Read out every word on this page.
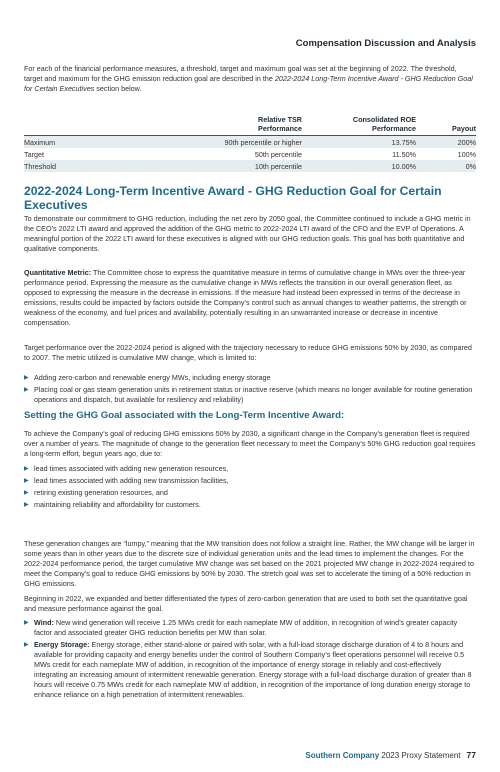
Compensation Discussion and Analysis

For each of the financial performance measures, a threshold, target and maximum goal was set at the beginning of 2022. The threshold, target and maximum for the GHG emission reduction goal are described in the 2022-2024 Long-Term Incentive Award - GHG Reduction Goal for Certain Executives section below.

	Relative TSR Performance	Consolidated ROE Performance	Payout
Maximum	90th percentile or higher	13.75%	200%
Target	50th percentile	11.50%	100%
Threshold	10th percentile	10.00%	0%
2022-2024 Long-Term Incentive Award - GHG Reduction Goal for Certain Executives

To demonstrate our commitment to GHG reduction, including the net zero by 2050 goal, the Committee continued to include a GHG metric in the CEO’s 2022 LTI award and approved the addition of the GHG metric to 2022-2024 LTI award of the CFO and the EVP of Operations. A meaningful portion of the 2022 LTI award for these executives is aligned with our GHG reduction goals. This goal has both quantitative and qualitative components.

Quantitative Metric: The Committee chose to express the quantitative measure in terms of cumulative change in MWs over the three-year performance period. Expressing the measure as the cumulative change in MWs reflects the transition in our overall generation fleet, as opposed to expressing the measure in the decrease in emissions. If the measure had instead been expressed in terms of the decrease in emissions, results could be impacted by factors outside the Company’s control such as annual changes to weather patterns, the strength or weakness of the economy, and fuel prices and availability, potentially resulting in an unwarranted increase or decrease in incentive compensation.

Target performance over the 2022-2024 period is aligned with the trajectory necessary to reduce GHG emissions 50% by 2030, as compared to 2007. The metric utilized is cumulative MW change, which is limited to:

▶ Adding zero-carbon and renewable energy MWs, including energy storage
▶ Placing coal or gas steam generation units in retirement status or inactive reserve (which means no longer available for routine generation operations and dispatch, but available for resiliency and reliability)
Setting the GHG Goal associated with the Long-Term Incentive Award:

To achieve the Company’s goal of reducing GHG emissions 50% by 2030, a significant change in the Company’s generation fleet is required over a number of years. The magnitude of change to the generation fleet necessary to meet the Company’s 50% GHG reduction goal requires a long-term effort, begun years ago, due to:

▶ lead times associated with adding new generation resources,
▶ lead times associated with adding new transmission facilities,
▶ retiring existing generation resources, and
▶ maintaining reliability and affordability for customers.

These generation changes are “lumpy,” meaning that the MW transition does not follow a straight line. Rather, the MW change will be larger in some years than in other years due to the discrete size of individual generation units and the lead times to implement the changes. For the 2022-2024 performance period, the target cumulative MW change was set based on the 2021 projected MW change in 2022-2024 required to meet the Company’s goal to reduce GHG emissions by 50% by 2030. The stretch goal was set to accelerate the timing of a 50% reduction in GHG emissions.

Beginning in 2022, we expanded and better differentiated the types of zero-carbon generation that are used to both set the quantitative goal and measure performance against the goal.

▶ Wind: New wind generation will receive 1.25 MWs credit for each nameplate MW of addition, in recognition of wind’s greater capacity factor and associated greater GHG reduction benefits per MW than solar.
▶ Energy Storage: Energy storage, either stand-alone or paired with solar, with a full-load storage discharge duration of 4 to 8 hours and available for providing capacity and energy benefits under the control of Southern Company’s fleet operations personnel will receive 0.5 MWs credit for each nameplate MW of addition, in recognition of the importance of energy storage in reliably and cost-effectively integrating an increasing amount of intermittent renewable generation. Energy storage with a full-load discharge duration of greater than 8 hours will receive 0.75 MWs credit for each nameplate MW of addition, in recognition of the importance of long duration energy storage to enhance reliance on a high penetration of intermittent renewables.
Southern Company 2023 Proxy Statement 77
